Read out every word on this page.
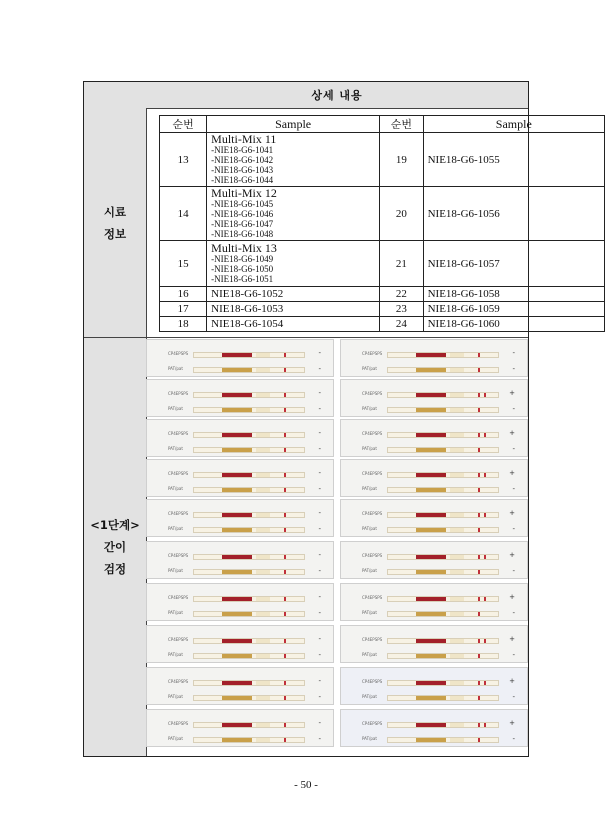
상세 내용
시료
정보
<1단계>
간이
검정
순번	Sample	순번	Sample
13	Multi-Mix 11
-NIE18-G6-1041
-NIE18-G6-1042
-NIE18-G6-1043
-NIE18-G6-1044	19	NIE18-G6-1055
14	Multi-Mix 12
-NIE18-G6-1045
-NIE18-G6-1046
-NIE18-G6-1047
-NIE18-G6-1048	20	NIE18-G6-1056
15	Multi-Mix 13
-NIE18-G6-1049
-NIE18-G6-1050
-NIE18-G6-1051	21	NIE18-G6-1057
16	NIE18-G6-1052	22	NIE18-G6-1058
17	NIE18-G6-1053	23	NIE18-G6-1059
18	NIE18-G6-1054	24	NIE18-G6-1060
CP4EPSPS
PAT/pat
-
-
CP4EPSPS
PAT/pat
-
-
CP4EPSPS
PAT/pat
-
-
CP4EPSPS
PAT/pat
+
-
CP4EPSPS
PAT/pat
-
-
CP4EPSPS
PAT/pat
+
-
CP4EPSPS
PAT/pat
-
-
CP4EPSPS
PAT/pat
+
-
CP4EPSPS
PAT/pat
-
-
CP4EPSPS
PAT/pat
+
-
CP4EPSPS
PAT/pat
-
-
CP4EPSPS
PAT/pat
+
-
CP4EPSPS
PAT/pat
-
-
CP4EPSPS
PAT/pat
+
-
CP4EPSPS
PAT/pat
-
-
CP4EPSPS
PAT/pat
+
-
CP4EPSPS
PAT/pat
-
-
CP4EPSPS
PAT/pat
+
-
CP4EPSPS
PAT/pat
-
-
CP4EPSPS
PAT/pat
+
-
- 50 -
